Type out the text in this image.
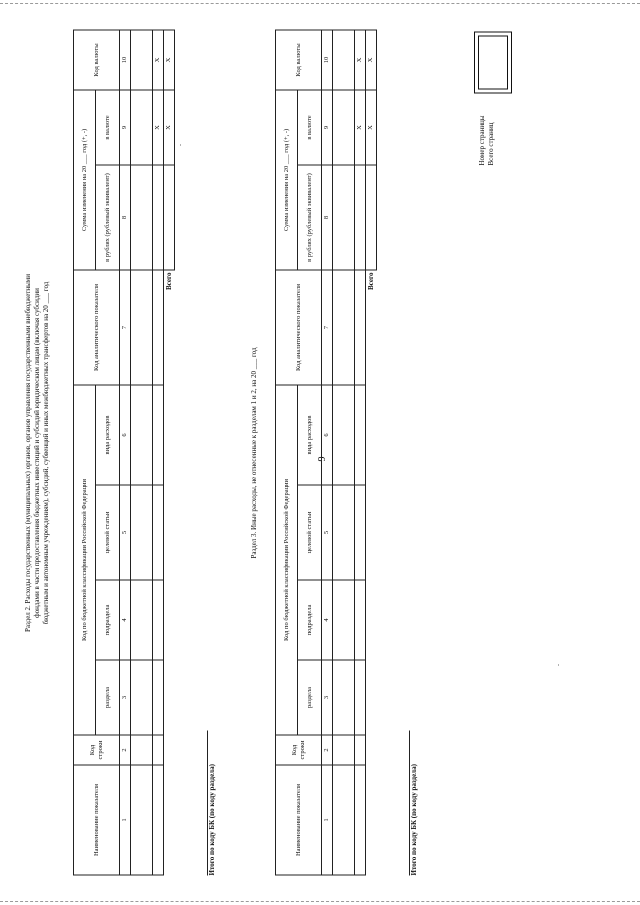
9
Раздел 2. Расходы государственных (муниципальных) органов, органов управления государственными внебюджетными фондами в части предоставления бюджетных инвестиций и субсидий юридическим лицам (включая субсидии бюджетным и автономным учреждениям), субсидий, субвенций и иных межбюджетных трансфертов на 20 ___ год
Наименование показателя	Код строки	Код по бюджетной классификации Российской Федерации				Код аналитического показателя	Сумма изменения на 20 ___ год (+, -)		Код валюты
		раздела	подраздела	целевой статьи	вида расходов		в рублях (рублевый эквивалент)	в валюте	
1	2	3	4	5	6	7	8	9	10

								X	X
Всего								X	X
Итого по коду БК (по коду раздела)
Раздел 3. Иные расходы, не отнесенные к разделам 1 и 2, на 20 ___ год
Наименование показателя	Код строки	Код по бюджетной классификации Российской Федерации				Код аналитического показателя	Сумма изменения на 20 ___ год (+, -)		Код валюты
		раздела	подраздела	целевой статьи	вида расходов		в рублях (рублевый эквивалент)	в валюте	
1	2	3	4	5	6	7	8	9	10

								X	X
Всего								X	X
Итого по коду БК (по коду раздела)
Номер страницы Всего страниц
